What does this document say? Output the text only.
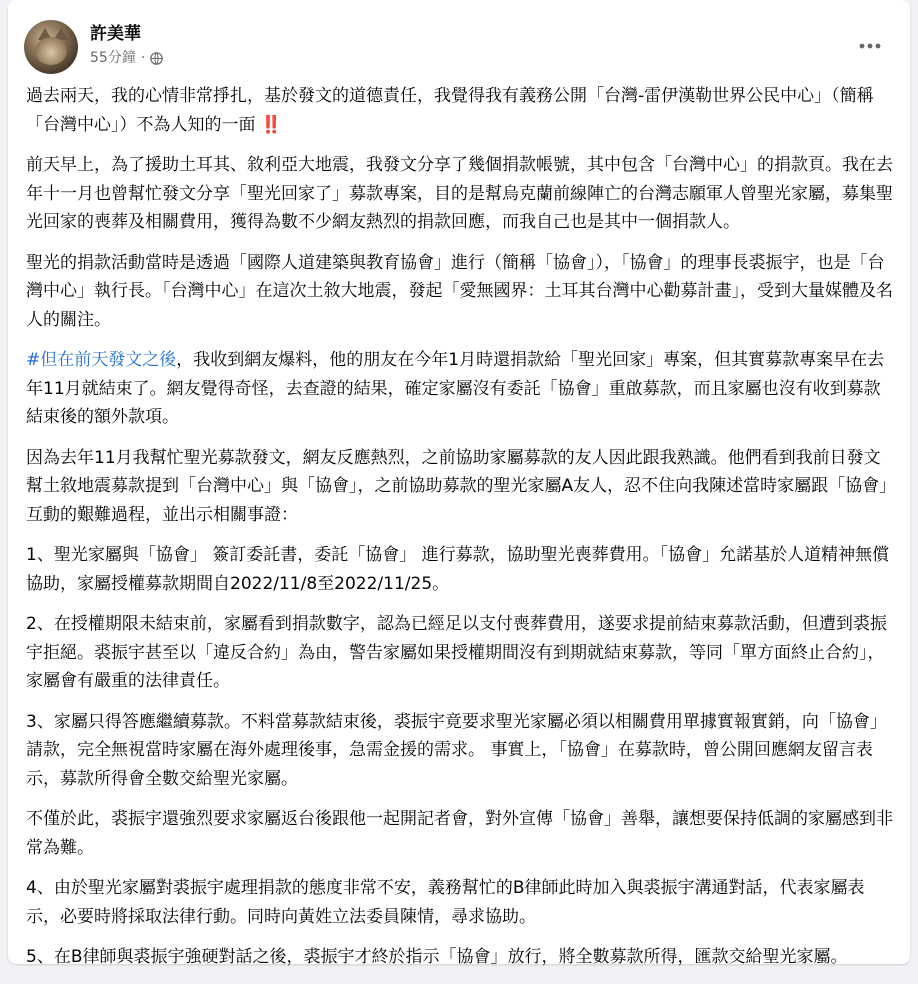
許美華
55分鐘 ·

過去兩天，我的心情非常掙扎，基於發文的道德責任，我覺得我有義務公開「台灣-雷伊漢勒世界公民中心」（簡稱「台灣中心」）不為人知的一面 ‼️

前天早上，為了援助土耳其、敘利亞大地震，我發文分享了幾個捐款帳號，其中包含「台灣中心」的捐款頁。我在去年十一月也曾幫忙發文分享「聖光回家了」募款專案，目的是幫烏克蘭前線陣亡的台灣志願軍人曾聖光家屬，募集聖光回家的喪葬及相關費用，獲得為數不少網友熱烈的捐款回應，而我自己也是其中一個捐款人。

聖光的捐款活動當時是透過「國際人道建築與教育協會」進行（簡稱「協會」），「協會」的理事長裘振宇，也是「台灣中心」執行長。「台灣中心」在這次土敘大地震，發起「愛無國界：土耳其台灣中心勸募計畫」，受到大量媒體及名人的關注。

#但在前天發文之後，我收到網友爆料，他的朋友在今年1月時還捐款給「聖光回家」專案，但其實募款專案早在去年11月就結束了。網友覺得奇怪，去查證的結果，確定家屬沒有委託「協會」重啟募款，而且家屬也沒有收到募款結束後的額外款項。

因為去年11月我幫忙聖光募款發文，網友反應熱烈，之前協助家屬募款的友人因此跟我熟識。他們看到我前日發文幫土敘地震募款提到「台灣中心」與「協會」，之前協助募款的聖光家屬A友人，忍不住向我陳述當時家屬跟「協會」互動的艱難過程，並出示相關事證：

1、聖光家屬與「協會」 簽訂委託書，委託「協會」 進行募款，協助聖光喪葬費用。「協會」允諾基於人道精神無償協助，家屬授權募款期間自2022/11/8至2022/11/25。

2、在授權期限未結束前，家屬看到捐款數字，認為已經足以支付喪葬費用，遂要求提前結束募款活動，但遭到裘振宇拒絕。裘振宇甚至以「違反合約」為由，警告家屬如果授權期間沒有到期就結束募款，等同「單方面終止合約」，家屬會有嚴重的法律責任。

3、家屬只得答應繼續募款。不料當募款結束後，裘振宇竟要求聖光家屬必須以相關費用單據實報實銷，向「協會」請款，完全無視當時家屬在海外處理後事，急需金援的需求。 事實上，「協會」在募款時，曾公開回應網友留言表示，募款所得會全數交給聖光家屬。

不僅於此，裘振宇還強烈要求家屬返台後跟他一起開記者會，對外宣傳「協會」善舉，讓想要保持低調的家屬感到非常為難。

4、由於聖光家屬對裘振宇處理捐款的態度非常不安，義務幫忙的B律師此時加入與裘振宇溝通對話，代表家屬表示，必要時將採取法律行動。同時向黃姓立法委員陳情，尋求協助。

5、在B律師與裘振宇強硬對話之後，裘振宇才終於指示「協會」放行，將全數募款所得，匯款交給聖光家屬。
